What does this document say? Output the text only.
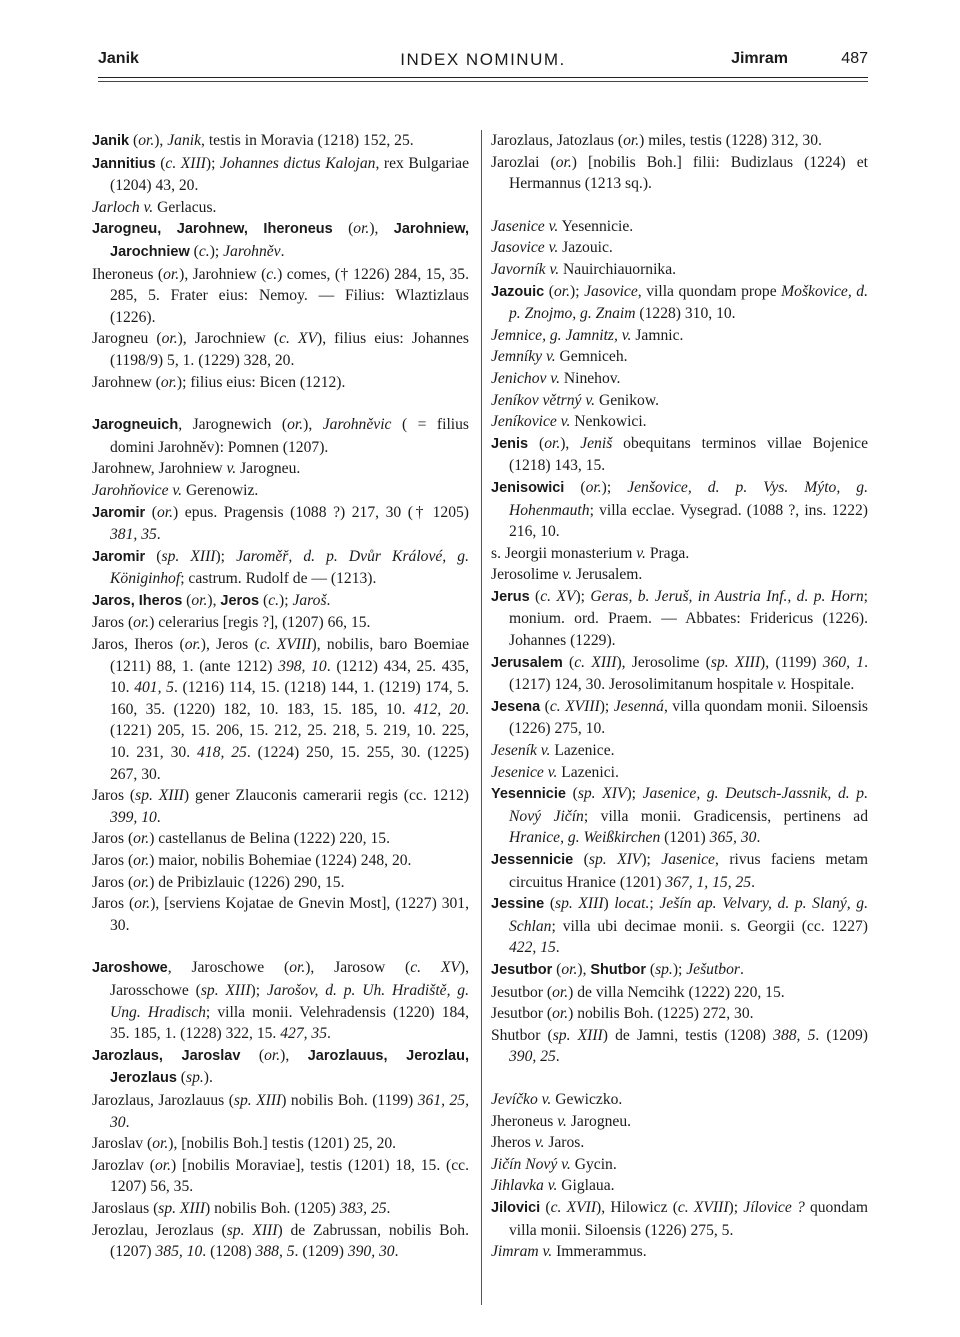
Janik	INDEX NOMINUM.	Jimram	487
Janik (or.), Janik, testis in Moravia (1218) 152, 25.
Jannitius (c. XIII); Johannes dictus Kalojan, rex Bulgariae (1204) 43, 20.
Jarloch v. Gerlacus.
Jarogneu, Jarohnew, Iheroneus (or.), Jarohniew, Jarochniew (c.); Jarohněv.
Iheroneus (or.), Jarohniew (c.) comes, († 1226) 284, 15, 35. 285, 5. Frater eius: Nemoy. — Filius: Wlaztizlaus (1226).
Jarogneu (or.), Jarochniew (c. XV), filius eius: Johannes (1198/9) 5, 1. (1229) 328, 20.
Jarohnew (or.); filius eius: Bicen (1212).
Jarogneuich, Jarognewich (or.), Jarohněvic ( = filius domini Jarohněv): Pomnen (1207).
Jarohnew, Jarohniew v. Jarogneu.
Jarohňovice v. Gerenowiz.
Jaromir (or.) epus. Pragensis (1088 ?) 217, 30 († 1205) 381, 35.
Jaromir (sp. XIII); Jaroměř, d. p. Dvůr Králové, g. Königinhof; castrum. Rudolf de — (1213).
Jaros, Iheros (or.), Jeros (c.); Jaroš.
Jaros (or.) celerarius [regis ?], (1207) 66, 15.
Jaros, Iheros (or.), Jeros (c. XVIII), nobilis, baro Boemiae (1211) 88, 1. (ante 1212) 398, 10. (1212) 434, 25. 435, 10. 401, 5. (1216) 114, 15. (1218) 144, 1. (1219) 174, 5. 160, 35. (1220) 182, 10. 183, 15. 185, 10. 412, 20. (1221) 205, 15. 206, 15. 212, 25. 218, 5. 219, 10. 225, 10. 231, 30. 418, 25. (1224) 250, 15. 255, 30. (1225) 267, 30.
Jaros (sp. XIII) gener Zlauconis camerarii regis (cc. 1212) 399, 10.
Jaros (or.) castellanus de Belina (1222) 220, 15.
Jaros (or.) maior, nobilis Bohemiae (1224) 248, 20.
Jaros (or.) de Pribizlauic (1226) 290, 15.
Jaros (or.), [serviens Kojatae de Gnevin Most], (1227) 301, 30.
Jaroshowe, Jaroschowe (or.), Jarosow (c. XV), Jarosschowe (sp. XIII); Jarošov, d. p. Uh. Hradiště, g. Ung. Hradisch; villa monii. Velehradensis (1220) 184, 35. 185, 1. (1228) 322, 15. 427, 35.
Jarozlaus, Jaroslav (or.), Jarozlauus, Jerozlau, Jerozlaus (sp.).
Jarozlaus, Jarozlauus (sp. XIII) nobilis Boh. (1199) 361, 25, 30.
Jaroslav (or.), [nobilis Boh.] testis (1201) 25, 20.
Jarozlav (or.) [nobilis Moraviae], testis (1201) 18, 15. (cc. 1207) 56, 35.
Jaroslaus (sp. XIII) nobilis Boh. (1205) 383, 25.
Jerozlau, Jerozlaus (sp. XIII) de Zabrussan, nobilis Boh. (1207) 385, 10. (1208) 388, 5. (1209) 390, 30.
Jarozlaus, Jatozlaus (or.) miles, testis (1228) 312, 30.
Jarozlai (or.) [nobilis Boh.] filii: Budizlaus (1224) et Hermannus (1213 sq.).
Jasenice v. Yesennicie.
Jasovice v. Jazouic.
Javorník v. Nauirchiauornika.
Jazouic (or.); Jasovice, villa quondam prope Moškovice, d. p. Znojmo, g. Znaim (1228) 310, 10.
Jemnice, g. Jamnitz, v. Jamnic.
Jemníky v. Gemniceh.
Jenichov v. Ninehov.
Jeníkov větrný v. Genikow.
Jeníkovice v. Nenkowici.
Jenis (or.), Jeniš obequitans terminos villae Bojenice (1218) 143, 15.
Jenisowici (or.); Jenšovice, d. p. Vys. Mýto, g. Hohenmauth; villa ecclae. Vysegrad. (1088 ?, ins. 1222) 216, 10.
s. Jeorgii monasterium v. Praga.
Jerosolime v. Jerusalem.
Jerus (c. XV); Geras, b. Jeruš, in Austria Inf., d. p. Horn; monium. ord. Praem. — Abbates: Fridericus (1226). Johannes (1229).
Jerusalem (c. XIII), Jerosolime (sp. XIII), (1199) 360, 1. (1217) 124, 30. Jerosolimitanum hospitale v. Hospitale.
Jesena (c. XVIII); Jesenná, villa quondam monii. Siloensis (1226) 275, 10.
Jeseník v. Lazenice.
Jesenice v. Lazenici.
Yesennicie (sp. XIV); Jasenice, g. Deutsch-Jassnik, d. p. Nový Jičín; villa monii. Gradicensis, pertinens ad Hranice, g. Weißkirchen (1201) 365, 30.
Jessennicie (sp. XIV); Jasenice, rivus faciens metam circuitus Hranice (1201) 367, 1, 15, 25.
Jessine (sp. XIII) locat.; Ješín ap. Velvary, d. p. Slaný, g. Schlan; villa ubi decimae monii. s. Georgii (cc. 1227) 422, 15.
Jesutbor (or.), Shutbor (sp.); Ješutbor.
Jesutbor (or.) de villa Nemcihk (1222) 220, 15.
Jesutbor (or.) nobilis Boh. (1225) 272, 30.
Shutbor (sp. XIII) de Jamni, testis (1208) 388, 5. (1209) 390, 25.
Jevíčko v. Gewiczko.
Jheroneus v. Jarogneu.
Jheros v. Jaros.
Jičín Nový v. Gycin.
Jihlavka v. Giglaua.
Jilovici (c. XVII), Hilowicz (c. XVIII); Jílovice ? quondam villa monii. Siloensis (1226) 275, 5.
Jimram v. Immerammus.
